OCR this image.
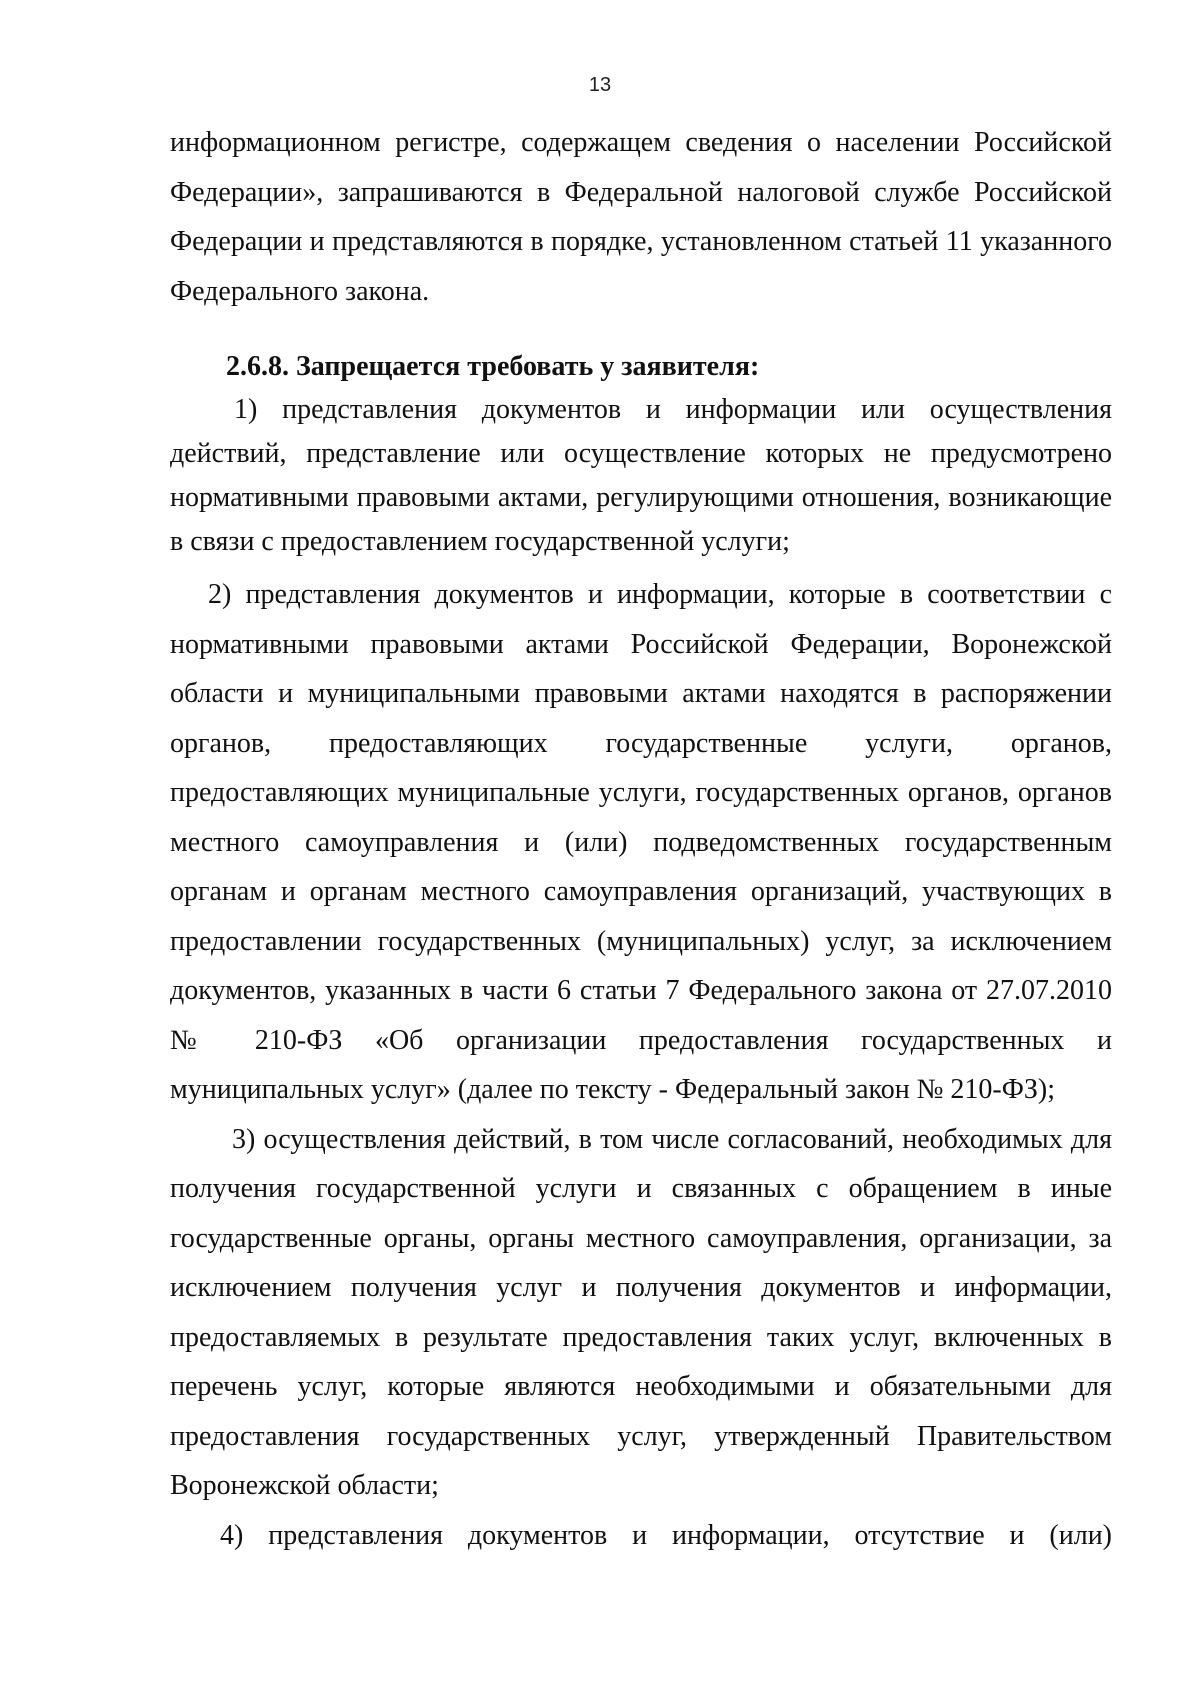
13

информационном регистре, содержащем сведения о населении Российской Федерации», запрашиваются в Федеральной налоговой службе Российской Федерации и представляются в порядке, установленном статьей 11 указанного Федерального закона.

2.6.8. Запрещается требовать у заявителя:

1) представления документов и информации или осуществления действий, представление или осуществление которых не предусмотрено нормативными правовыми актами, регулирующими отношения, возникающие в связи с предоставлением государственной услуги;

2) представления документов и информации, которые в соответствии с нормативными правовыми актами Российской Федерации, Воронежской области и муниципальными правовыми актами находятся в распоряжении органов, предоставляющих государственные услуги, органов, предоставляющих муниципальные услуги, государственных органов, органов местного самоуправления и (или) подведомственных государственным органам и органам местного самоуправления организаций, участвующих в предоставлении государственных (муниципальных) услуг, за исключением документов, указанных в части 6 статьи 7 Федерального закона от 27.07.2010 № 210-ФЗ «Об организации предоставления государственных и муниципальных услуг» (далее по тексту - Федеральный закон № 210-ФЗ);

3) осуществления действий, в том числе согласований, необходимых для получения государственной услуги и связанных с обращением в иные государственные органы, органы местного самоуправления, организации, за исключением получения услуг и получения документов и информации, предоставляемых в результате предоставления таких услуг, включенных в перечень услуг, которые являются необходимыми и обязательными для предоставления государственных услуг, утвержденный Правительством Воронежской области;

4) представления документов и информации, отсутствие и (или)
